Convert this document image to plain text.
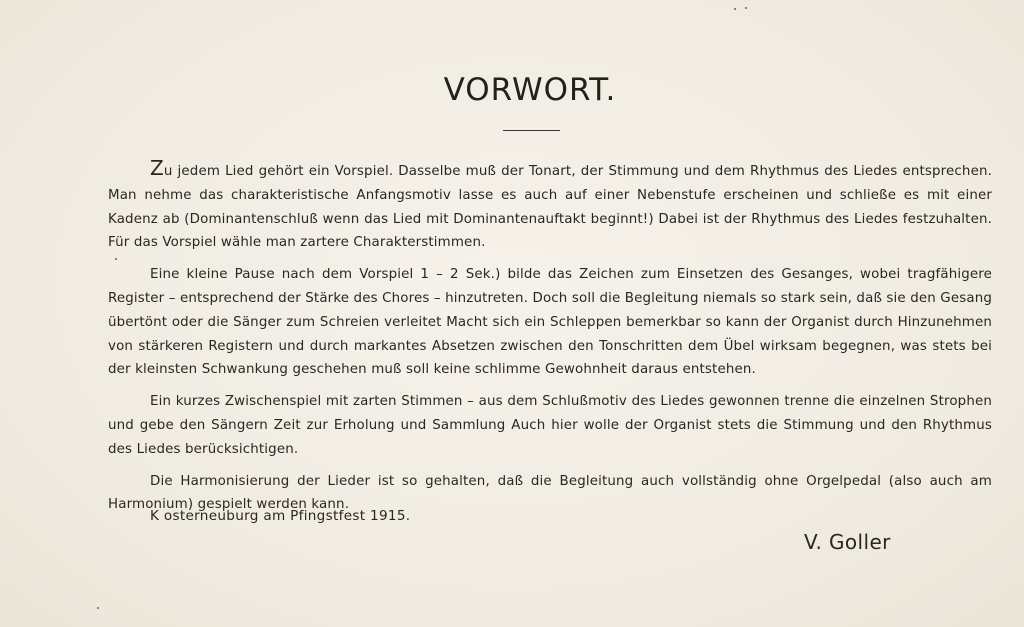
VORWORT.

Zu jedem Lied gehört ein Vorspiel. Dasselbe muß der Tonart, der Stimmung und dem Rhythmus des Liedes entsprechen. Man nehme das charakteristische Anfangsmotiv lasse es auch auf einer Nebenstufe erscheinen und schließe es mit einer Kadenz ab (Dominantenschluß wenn das Lied mit Dominantenauftakt beginnt!) Dabei ist der Rhythmus des Liedes festzuhalten. Für das Vorspiel wähle man zartere Charakterstimmen.

Eine kleine Pause nach dem Vorspiel 1 – 2 Sek.) bilde das Zeichen zum Einsetzen des Gesanges, wobei tragfähigere Register – entsprechend der Stärke des Chores – hinzutreten. Doch soll die Begleitung niemals so stark sein, daß sie den Gesang übertönt oder die Sänger zum Schreien verleitet Macht sich ein Schleppen bemerkbar so kann der Organist durch Hinzunehmen von stärkeren Registern und durch markantes Absetzen zwischen den Tonschritten dem Übel wirksam begegnen, was stets bei der kleinsten Schwankung geschehen muß soll keine schlimme Gewohnheit daraus entstehen.

Ein kurzes Zwischenspiel mit zarten Stimmen – aus dem Schlußmotiv des Liedes gewonnen trenne die einzelnen Strophen und gebe den Sängern Zeit zur Erholung und Sammlung Auch hier wolle der Organist stets die Stimmung und den Rhythmus des Liedes berücksichtigen.

Die Harmonisierung der Lieder ist so gehalten, daß die Begleitung auch vollständig ohne Orgelpedal (also auch am Harmonium) gespielt werden kann.

K osterneuburg am Pfingstfest 1915.
V. Goller
